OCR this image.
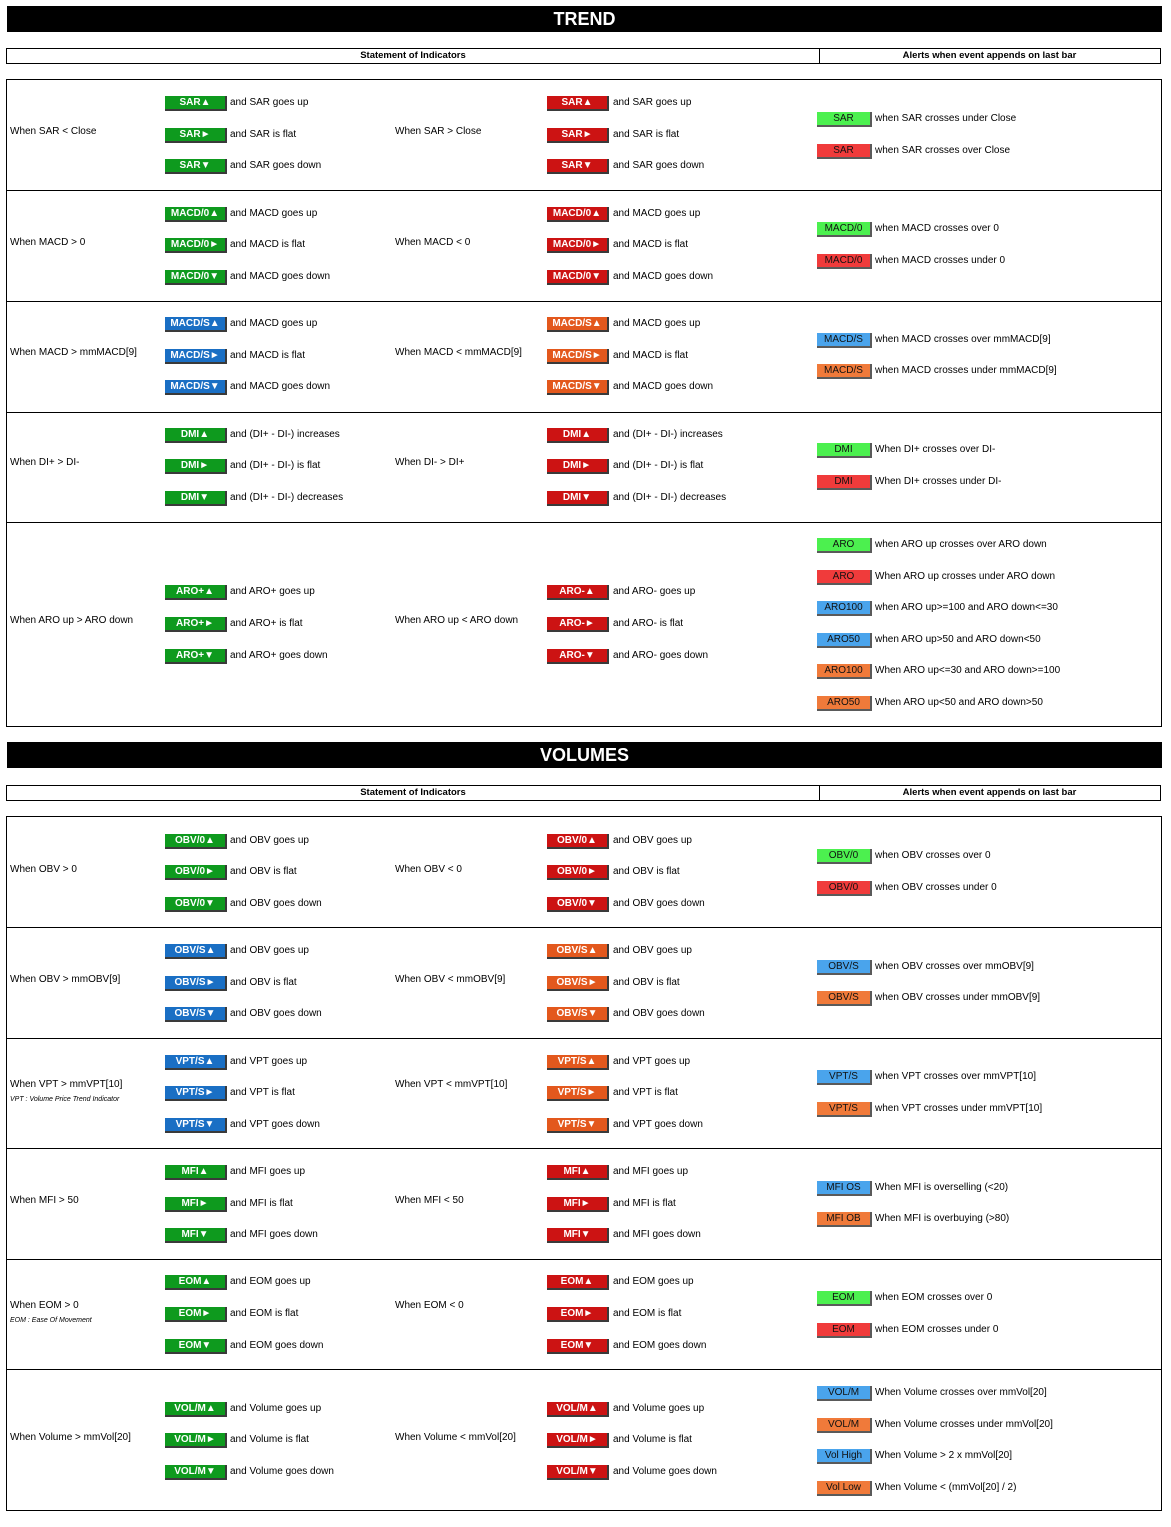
TREND
Statement of Indicators	Alerts when event appends on last bar
When SAR < Close
SAR▲	and SAR goes up
SAR►	and SAR is flat
SAR▼	and SAR goes down
When SAR > Close
SAR▲	and SAR goes up
SAR►	and SAR is flat
SAR▼	and SAR goes down
SAR	when SAR crosses under Close
SAR	when SAR crosses over Close
When MACD > 0
MACD/0▲	and MACD goes up
MACD/0►	and MACD is flat
MACD/0▼	and MACD goes down
When MACD < 0
MACD/0▲	and MACD goes up
MACD/0►	and MACD is flat
MACD/0▼	and MACD goes down
MACD/0	when MACD crosses over 0
MACD/0	when MACD crosses under 0
When MACD > mmMACD[9]
MACD/S▲	and MACD goes up
MACD/S►	and MACD is flat
MACD/S▼	and MACD goes down
When MACD < mmMACD[9]
MACD/S▲	and MACD goes up
MACD/S►	and MACD is flat
MACD/S▼	and MACD goes down
MACD/S	when MACD crosses over mmMACD[9]
MACD/S	when MACD crosses under mmMACD[9]
When DI+ > DI-
DMI▲	and (DI+ - DI-) increases
DMI►	and (DI+ - DI-) is flat
DMI▼	and (DI+ - DI-) decreases
When DI- > DI+
DMI▲	and (DI+ - DI-) increases
DMI►	and (DI+ - DI-) is flat
DMI▼	and (DI+ - DI-) decreases
DMI	When DI+ crosses over DI-
DMI	When DI+ crosses under DI-
When ARO up > ARO down
ARO+▲	and ARO+ goes up
ARO+►	and ARO+ is flat
ARO+▼	and ARO+ goes down
When ARO up < ARO down
ARO-▲	and ARO- goes up
ARO-►	and ARO- is flat
ARO-▼	and ARO- goes down
ARO	when ARO up crosses over ARO down
ARO	When ARO up crosses under ARO down
ARO100	when ARO up>=100 and ARO down<=30
ARO50	when ARO up>50 and ARO down<50
ARO100	When ARO up<=30 and ARO down>=100
ARO50	When ARO up<50 and ARO down>50
VOLUMES
Statement of Indicators	Alerts when event appends on last bar
When OBV > 0
OBV/0▲	and OBV goes up
OBV/0►	and OBV is flat
OBV/0▼	and OBV goes down
When OBV < 0
OBV/0▲	and OBV goes up
OBV/0►	and OBV is flat
OBV/0▼	and OBV goes down
OBV/0	when OBV crosses over 0
OBV/0	when OBV crosses under 0
When OBV > mmOBV[9]
OBV/S▲	and OBV goes up
OBV/S►	and OBV is flat
OBV/S▼	and OBV goes down
When OBV < mmOBV[9]
OBV/S▲	and OBV goes up
OBV/S►	and OBV is flat
OBV/S▼	and OBV goes down
OBV/S	when OBV crosses over mmOBV[9]
OBV/S	when OBV crosses under mmOBV[9]
When VPT > mmVPT[10]
VPT : Volume Price Trend Indicator
VPT/S▲	and VPT goes up
VPT/S►	and VPT is flat
VPT/S▼	and VPT goes down
When VPT < mmVPT[10]
VPT/S▲	and VPT goes up
VPT/S►	and VPT is flat
VPT/S▼	and VPT goes down
VPT/S	when VPT crosses over mmVPT[10]
VPT/S	when VPT crosses under mmVPT[10]
When MFI > 50
MFI▲	and MFI goes up
MFI►	and MFI is flat
MFI▼	and MFI goes down
When MFI < 50
MFI▲	and MFI goes up
MFI►	and MFI is flat
MFI▼	and MFI goes down
MFI OS	When MFI is overselling (<20)
MFI OB	When MFI is overbuying (>80)
When EOM > 0
EOM : Ease Of Movement
EOM▲	and EOM goes up
EOM►	and EOM is flat
EOM▼	and EOM goes down
When EOM < 0
EOM▲	and EOM goes up
EOM►	and EOM is flat
EOM▼	and EOM goes down
EOM	when EOM crosses over 0
EOM	when EOM crosses under 0
When Volume > mmVol[20]
VOL/M▲	and Volume goes up
VOL/M►	and Volume is flat
VOL/M▼	and Volume goes down
When Volume < mmVol[20]
VOL/M▲	and Volume goes up
VOL/M►	and Volume is flat
VOL/M▼	and Volume goes down
VOL/M	When Volume crosses over mmVol[20]
VOL/M	When Volume crosses under mmVol[20]
Vol High	When Volume > 2 x mmVol[20]
Vol Low	When Volume < (mmVol[20] / 2)
